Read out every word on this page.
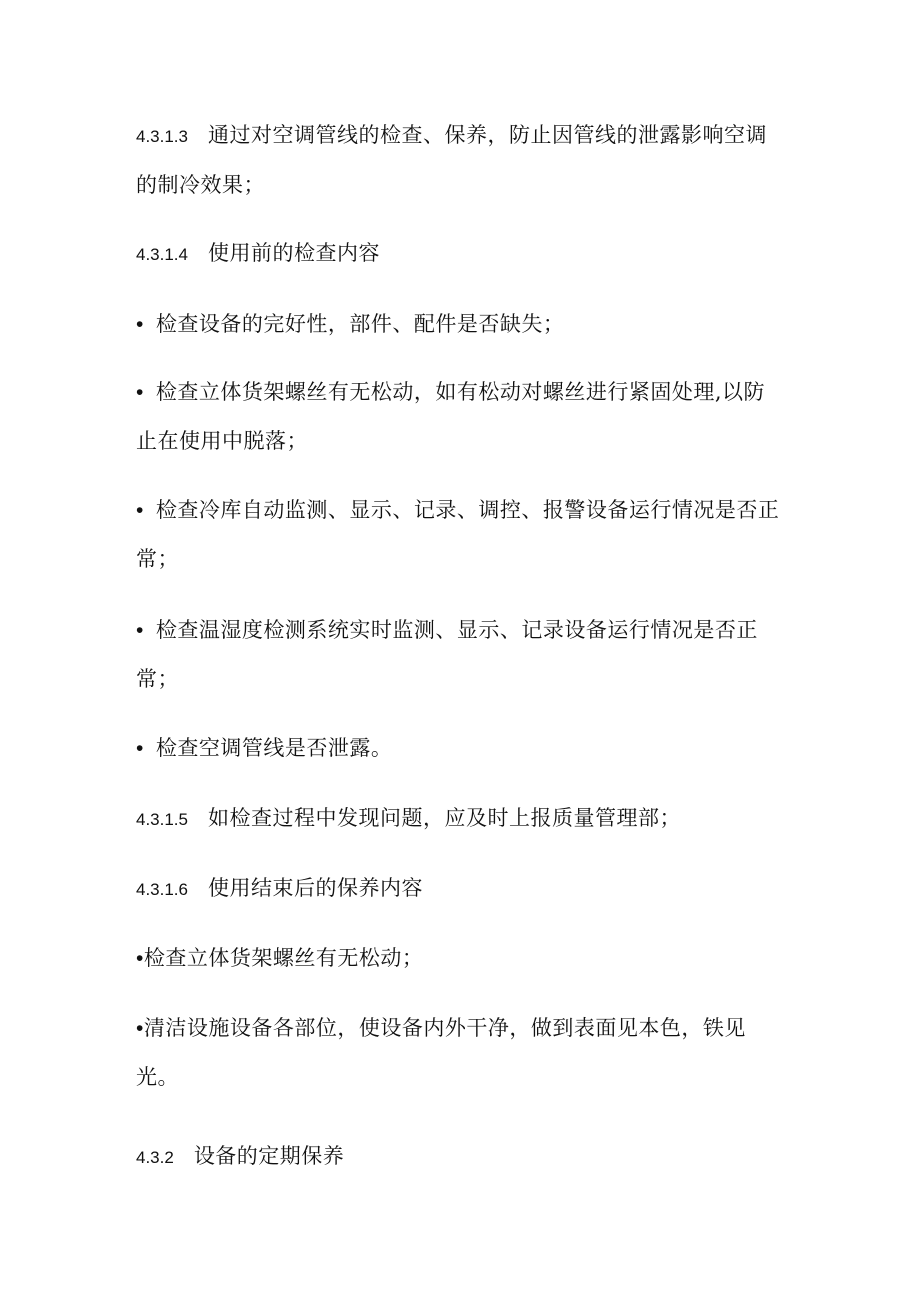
4.3.1.3 通过对空调管线的检查、保养，防止因管线的泄露影响空调的制冷效果；

4.3.1.4 使用前的检查内容

• 检查设备的完好性，部件、配件是否缺失；

• 检查立体货架螺丝有无松动，如有松动对螺丝进行紧固处理,以防止在使用中脱落；

• 检查冷库自动监测、显示、记录、调控、报警设备运行情况是否正常；

• 检查温湿度检测系统实时监测、显示、记录设备运行情况是否正常；

• 检查空调管线是否泄露。

4.3.1.5 如检查过程中发现问题，应及时上报质量管理部；

4.3.1.6 使用结束后的保养内容

•检查立体货架螺丝有无松动；

•清洁设施设备各部位，使设备内外干净，做到表面见本色，铁见光。

4.3.2 设备的定期保养
